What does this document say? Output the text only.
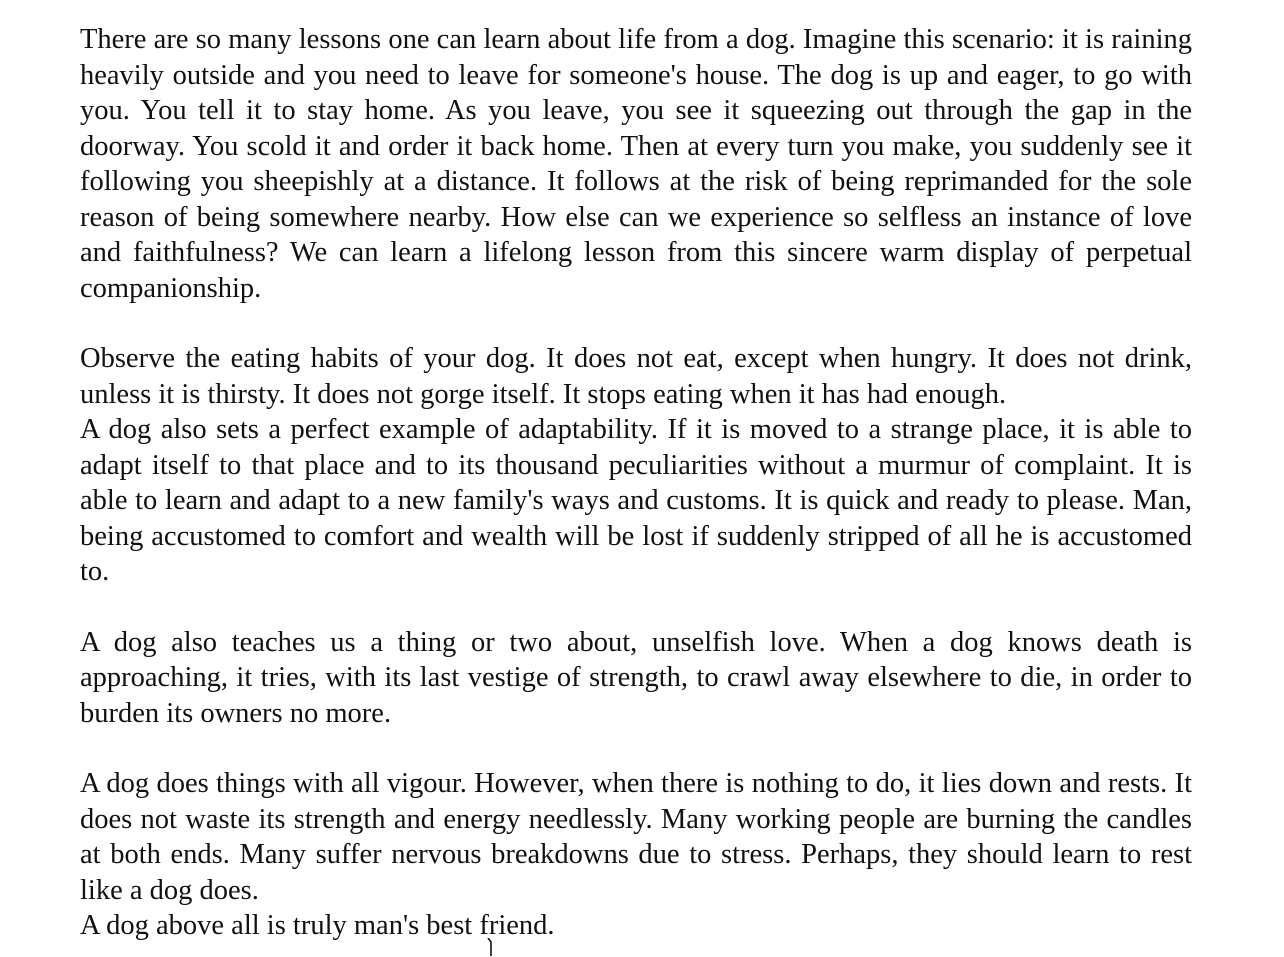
There are so many lessons one can learn about life from a dog. Imagine this scenario: it is raining heavily outside and you need to leave for someone's house. The dog is up and eager, to go with you. You tell it to stay home. As you leave, you see it squeezing out through the gap in the doorway. You scold it and order it back home. Then at every turn you make, you suddenly see it following you sheepishly at a distance. It follows at the risk of being reprimanded for the sole reason of being somewhere nearby. How else can we experience so selfless an instance of love and faithfulness? We can learn a lifelong lesson from this sincere warm display of perpetual companionship.

Observe the eating habits of your dog. It does not eat, except when hungry. It does not drink, unless it is thirsty. It does not gorge itself. It stops eating when it has had enough.

A dog also sets a perfect example of adaptability. If it is moved to a strange place, it is able to adapt itself to that place and to its thousand peculiarities without a murmur of complaint. It is able to learn and adapt to a new family's ways and customs. It is quick and ready to please. Man, being accustomed to comfort and wealth will be lost if suddenly stripped of all he is accustomed to.

A dog also teaches us a thing or two about, unselfish love. When a dog knows death is approaching, it tries, with its last vestige of strength, to crawl away elsewhere to die, in order to burden its owners no more.

A dog does things with all vigour. However, when there is nothing to do, it lies down and rests. It does not waste its strength and energy needlessly. Many working people are burning the candles at both ends. Many suffer nervous breakdowns due to stress. Perhaps, they should learn to rest like a dog does.

A dog above all is truly man's best friend.
